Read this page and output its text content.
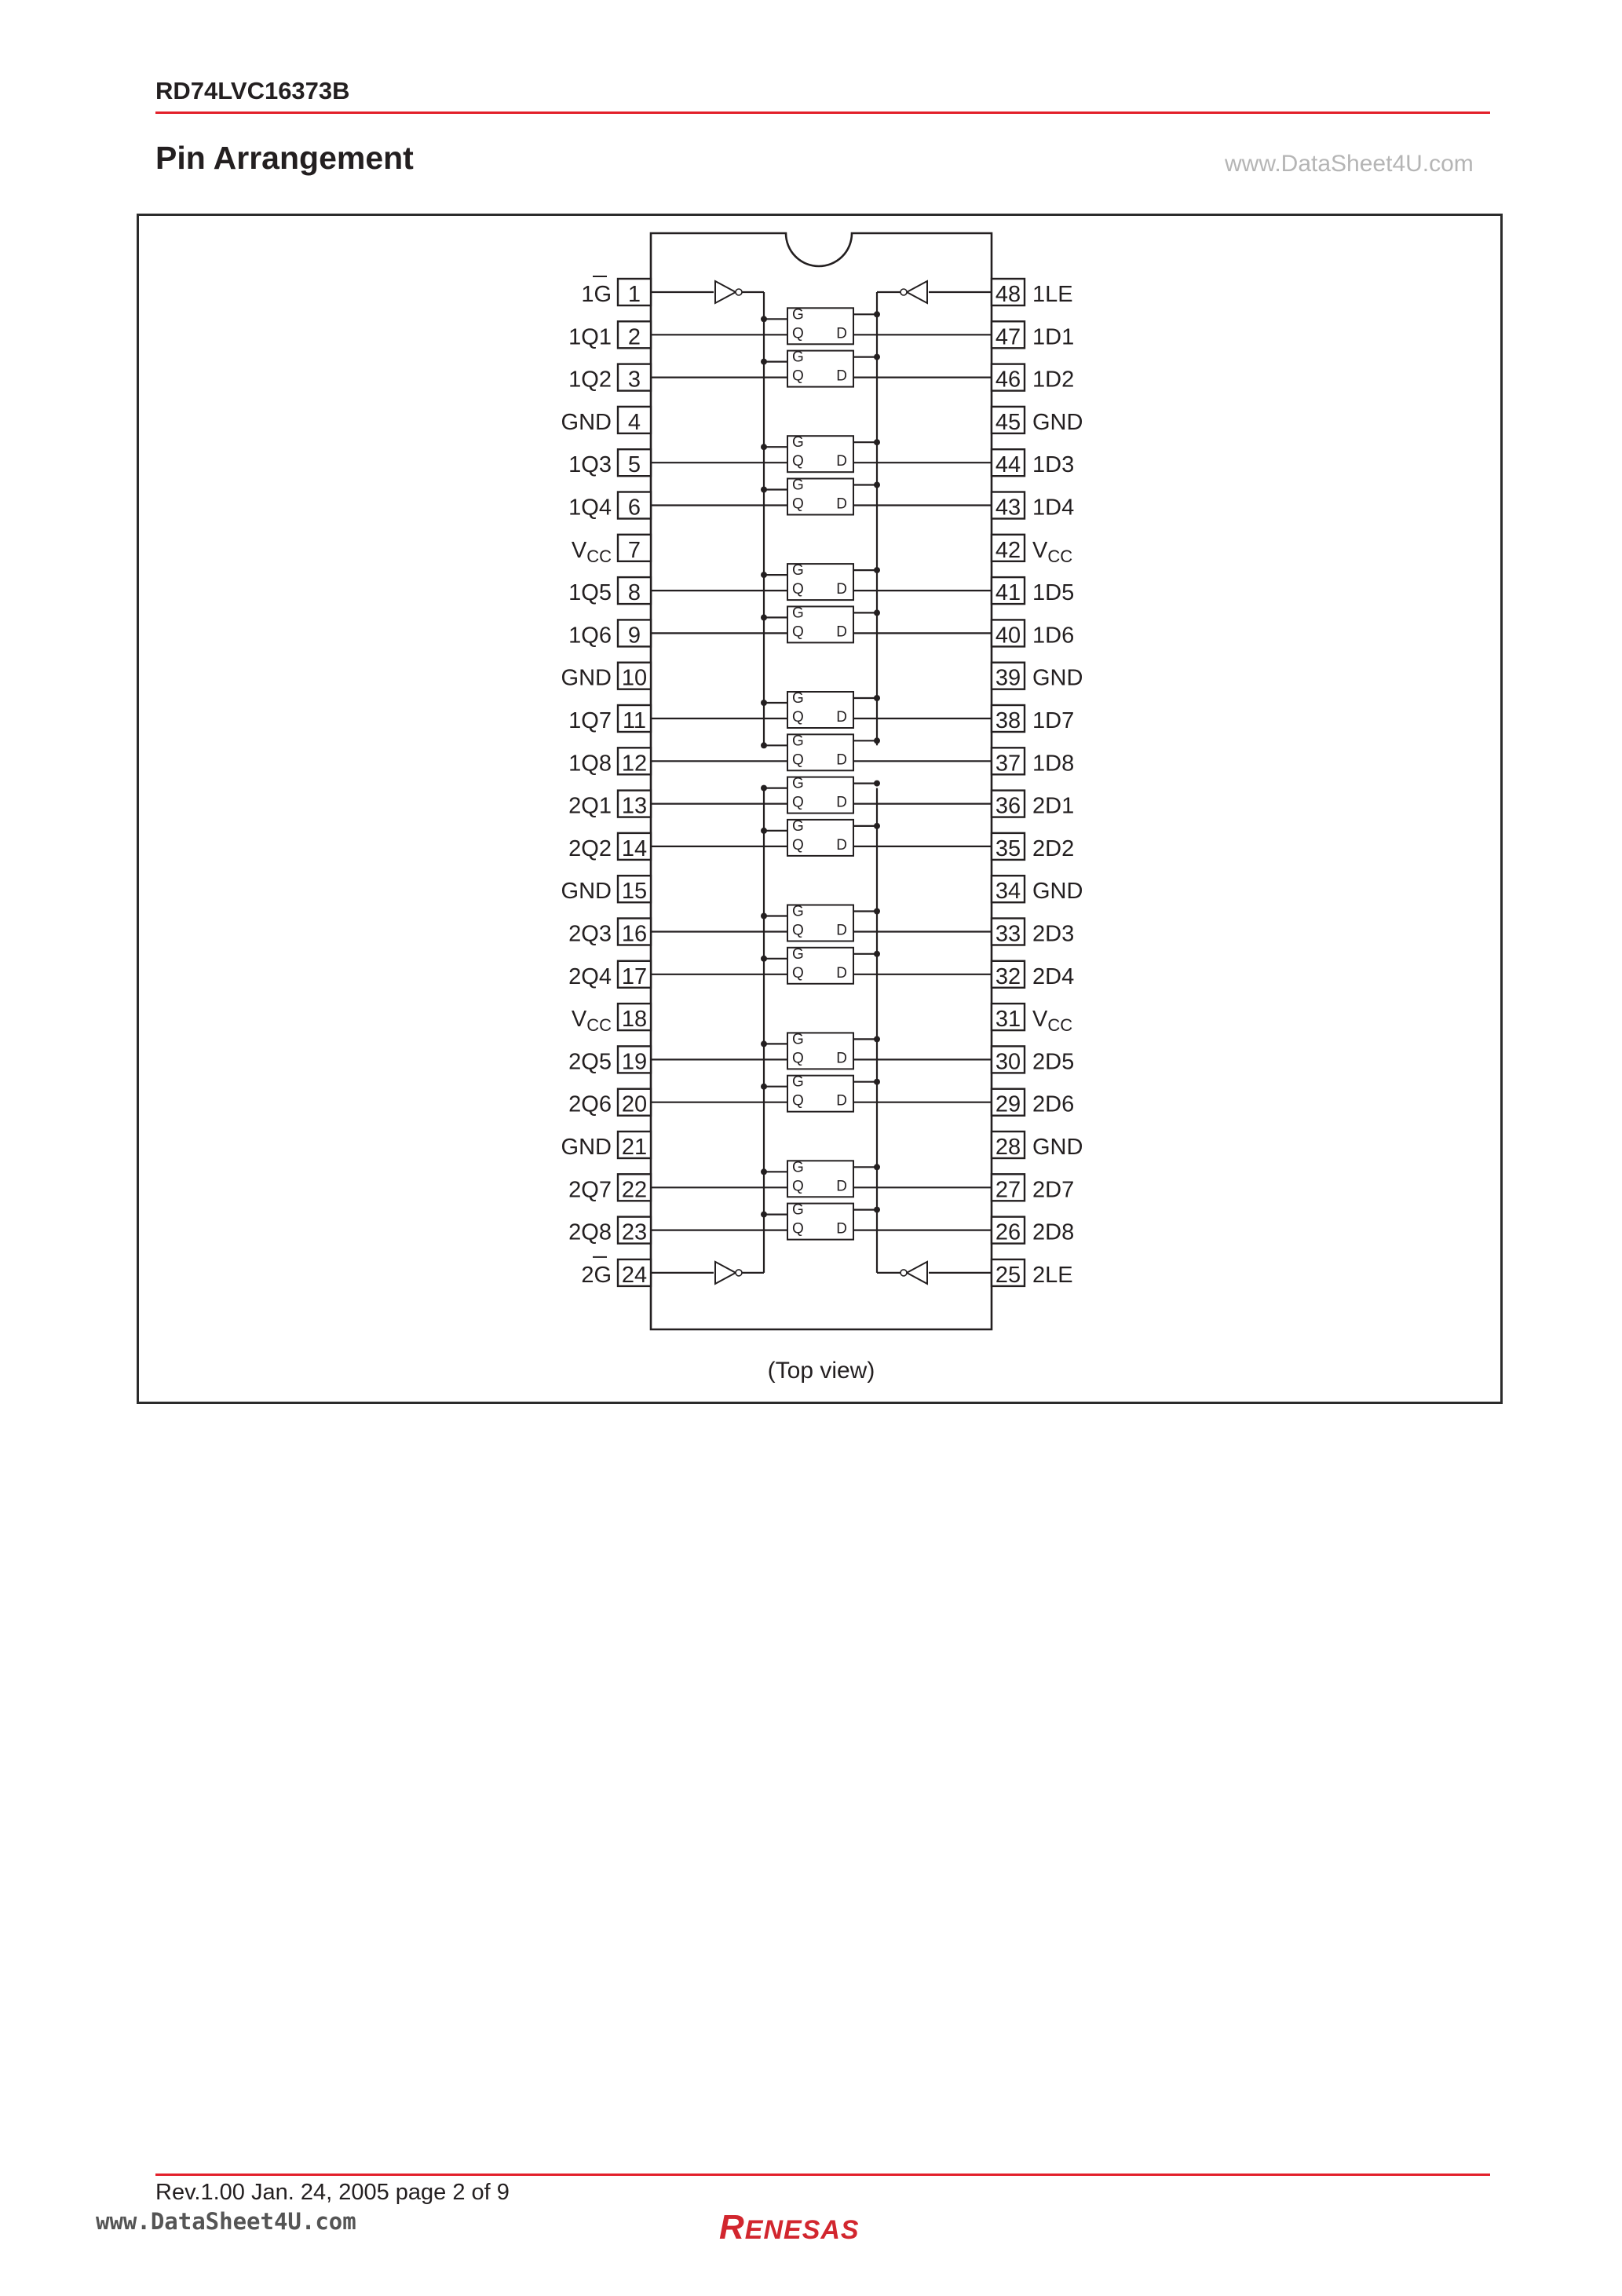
RD74LVC16373B
Pin Arrangement	www.DataSheet4U.com
1
1G
2
1Q1
3
1Q2
4
GND
5
1Q3
6
1Q4
7
$V_{CC}$
8
1Q5
9
1Q6
10
GND
11
1Q7
12
1Q8
13
2Q1
14
2Q2
15
GND
16
2Q3
17
2Q4
18
$V_{CC}$
19
2Q5
20
2Q6
21
GND
22
2Q7
23
2Q8
24
2G
48 1LE
47 1D1
46 1D2
45 GND
44 1D3
43 1D4
42 $V_{CC}$
41 1D5
40 1D6
39 GND
38 1D7
37 1D8
36 2D1
35 2D2
34 GND
33 2D3
32 2D4
31 $V_{CC}$
30 2D5
29 2D6
28 GND
27 2D7
26 2D8
25 2LE
G
Q D
G
Q D
G
Q D
G
Q D
G
Q D
G
Q D
G
Q D
G
Q D
G
Q D
G
Q D
G
Q D
G
Q D
G
Q D
G
Q D
G
Q D
G
Q D
(Top view)
Rev.1.00 Jan. 24, 2005 page 2 of 9
www.DataSheet4U.com	RENESAS
